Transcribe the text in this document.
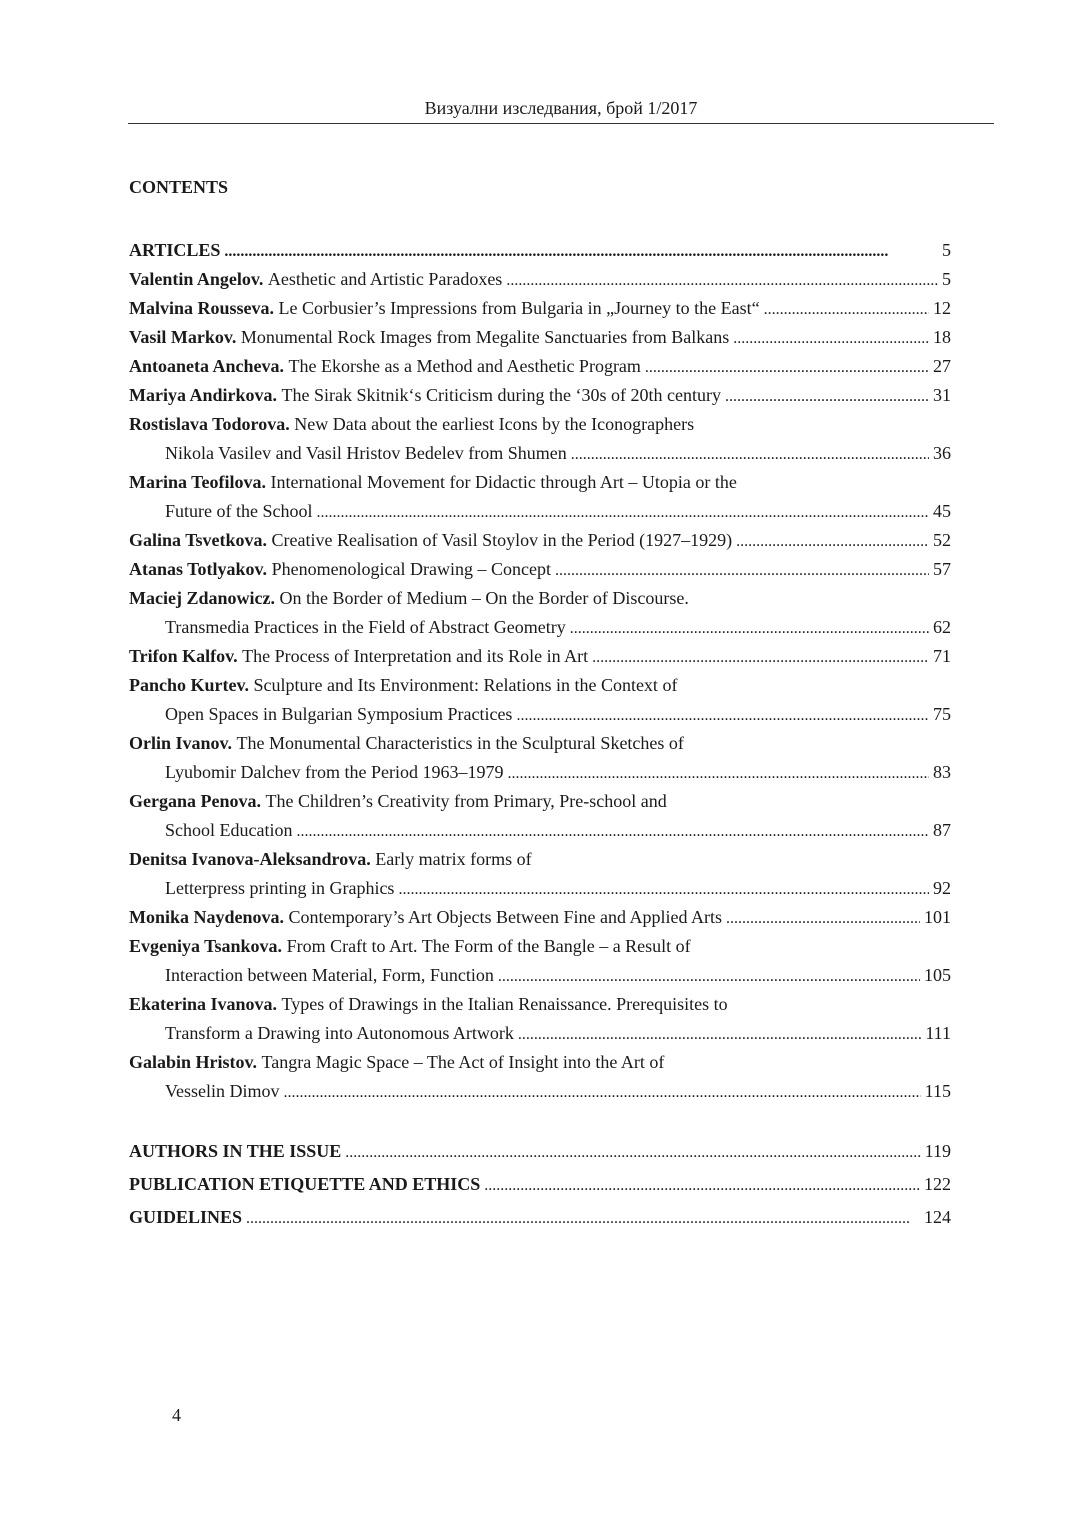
Визуални изследвания, брой 1/2017
CONTENTS
ARTICLES . . .	5
Valentin Angelov.
Aesthetic and Artistic Paradoxes . . .	5
Malvina Rousseva.
Le Corbusier’s Impressions from Bulgaria in „Journey to the East“ . . .	12
Vasil Markov.
Monumental Rock Images from Megalite Sanctuaries from Balkans . . .	18
Antoaneta Ancheva.
The Ekorshe as a Method and Aesthetic Program . . .	27
Mariya Andirkova.
The Sirak Skitnik‘s Criticism during the ‘30s of 20th century . . .	31
Rostislava Todorova.
New Data about the earliest Icons by the Iconographers
Nikola Vasilev and Vasil Hristov Bedelev from Shumen . . .	36
Marina Teofilova.
International Movement for Didactic through Art – Utopia or the
Future of the School . . .	45
Galina Tsvetkova.
Creative Realisation of Vasil Stoylov in the Period (1927–1929) . . .	52
Atanas Totlyakov.
Phenomenological Drawing – Concept . . .	57
Maciej Zdanowicz.
On the Border of Medium – On the Border of Discourse.
Transmedia Practices in the Field of Abstract Geometry . . .	62
Trifon Kalfov.
The Process of Interpretation and its Role in Art . . .	71
Pancho Kurtev.
Sculpture and Its Environment: Relations in the Context of
Open Spaces in Bulgarian Symposium Practices . . .	75
Orlin Ivanov.
The Monumental Characteristics in the Sculptural Sketches of
Lyubomir Dalchev from the Period 1963–1979 . . .	83
Gergana Penova.
The Children’s Creativity from Primary, Pre-school and
School Education . . .	87
Denitsa Ivanova-Aleksandrova.
Early matrix forms of
Letterpress printing in Graphics . . .	92
Monika Naydenova.
Contemporary’s Art Objects Between Fine and Applied Arts . . .	101
Evgeniya Tsankova.
From Craft to Art. The Form of the Bangle – a Result of
Interaction between Material, Form, Function . . .	105
Ekaterina Ivanova.
Types of Drawings in the Italian Renaissance. Prerequisites to
Transform a Drawing into Autonomous Artwork . . .	111
Galabin Hristov.
Tangra Magic Space – The Act of Insight into the Art of
Vesselin Dimov . . .	115
AUTHORS IN THE ISSUE . . .	119
PUBLICATION ETIQUETTE AND ETHICS . . .	122
GUIDELINES . . .	124
4
